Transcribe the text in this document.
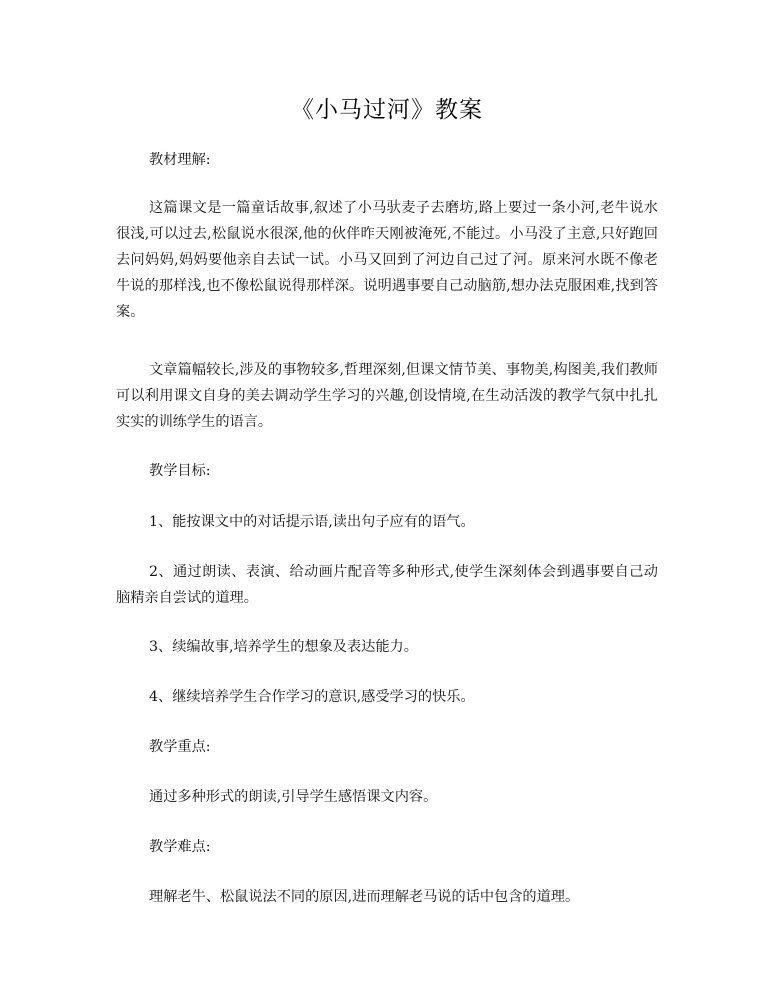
《小马过河》教案

教材理解:

这篇课文是一篇童话故事,叙述了小马驮麦子去磨坊,路上要过一条小河,老牛说水很浅,可以过去,松鼠说水很深,他的伙伴昨天刚被淹死,不能过。小马没了主意,只好跑回去问妈妈,妈妈要他亲自去试一试。小马又回到了河边自己过了河。原来河水既不像老牛说的那样浅,也不像松鼠说得那样深。说明遇事要自己动脑筋,想办法克服困难,找到答案。

文章篇幅较长,涉及的事物较多,哲理深刻,但课文情节美、事物美,构图美,我们教师可以利用课文自身的美去调动学生学习的兴趣,创设情境,在生动活泼的教学气氛中扎扎实实的训练学生的语言。

教学目标:

1、能按课文中的对话提示语,读出句子应有的语气。

2、通过朗读、表演、给动画片配音等多种形式,使学生深刻体会到遇事要自己动脑精亲自尝试的道理。

3、续编故事,培养学生的想象及表达能力。

4、继续培养学生合作学习的意识,感受学习的快乐。

教学重点:

通过多种形式的朗读,引导学生感悟课文内容。

教学难点:

理解老牛、松鼠说法不同的原因,进而理解老马说的话中包含的道理。
